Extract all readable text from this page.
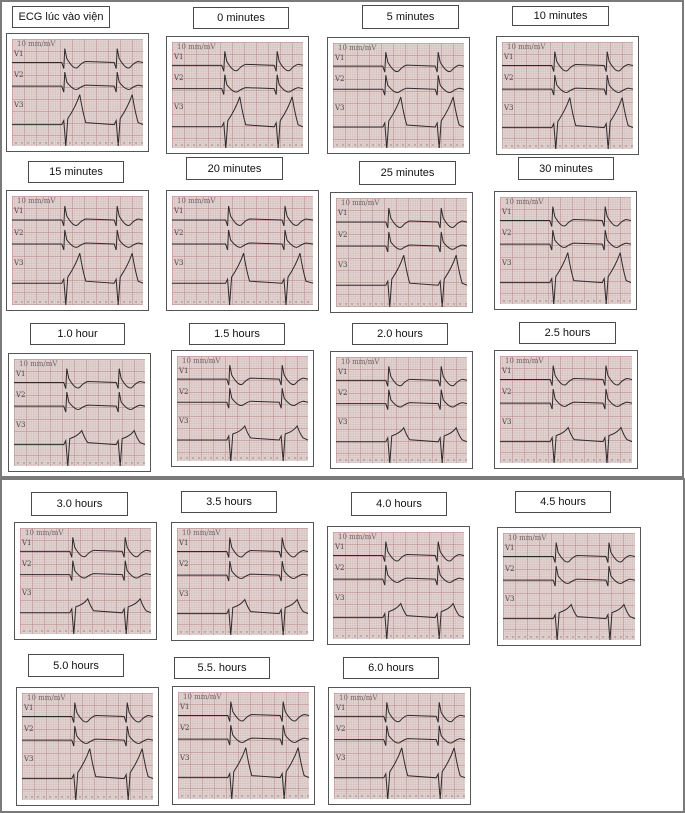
ECG lúc vào viện
10 mm/mV
V1
V2
V3
0 minutes
10 mm/mV
V1
V2
V3
5 minutes
10 mm/mV
V1
V2
V3
10 minutes
10 mm/mV
V1
V2
V3
15 minutes
10 mm/mV
V1
V2
V3
20 minutes
10 mm/mV
V1
V2
V3
25 minutes
10 mm/mV
V1
V2
V3
30 minutes
10 mm/mV
V1
V2
V3
1.0 hour
10 mm/mV
V1
V2
V3
1.5 hours
10 mm/mV
V1
V2
V3
2.0 hours
10 mm/mV
V1
V2
V3
2.5 hours
10 mm/mV
V1
V2
V3
3.0 hours
10 mm/mV
V1
V2
V3
3.5 hours
10 mm/mV
V1
V2
V3
4.0 hours
10 mm/mV
V1
V2
V3
4.5 hours
10 mm/mV
V1
V2
V3
5.0 hours
10 mm/mV
V1
V2
V3
5.5. hours
10 mm/mV
V1
V2
V3
6.0 hours
10 mm/mV
V1
V2
V3
